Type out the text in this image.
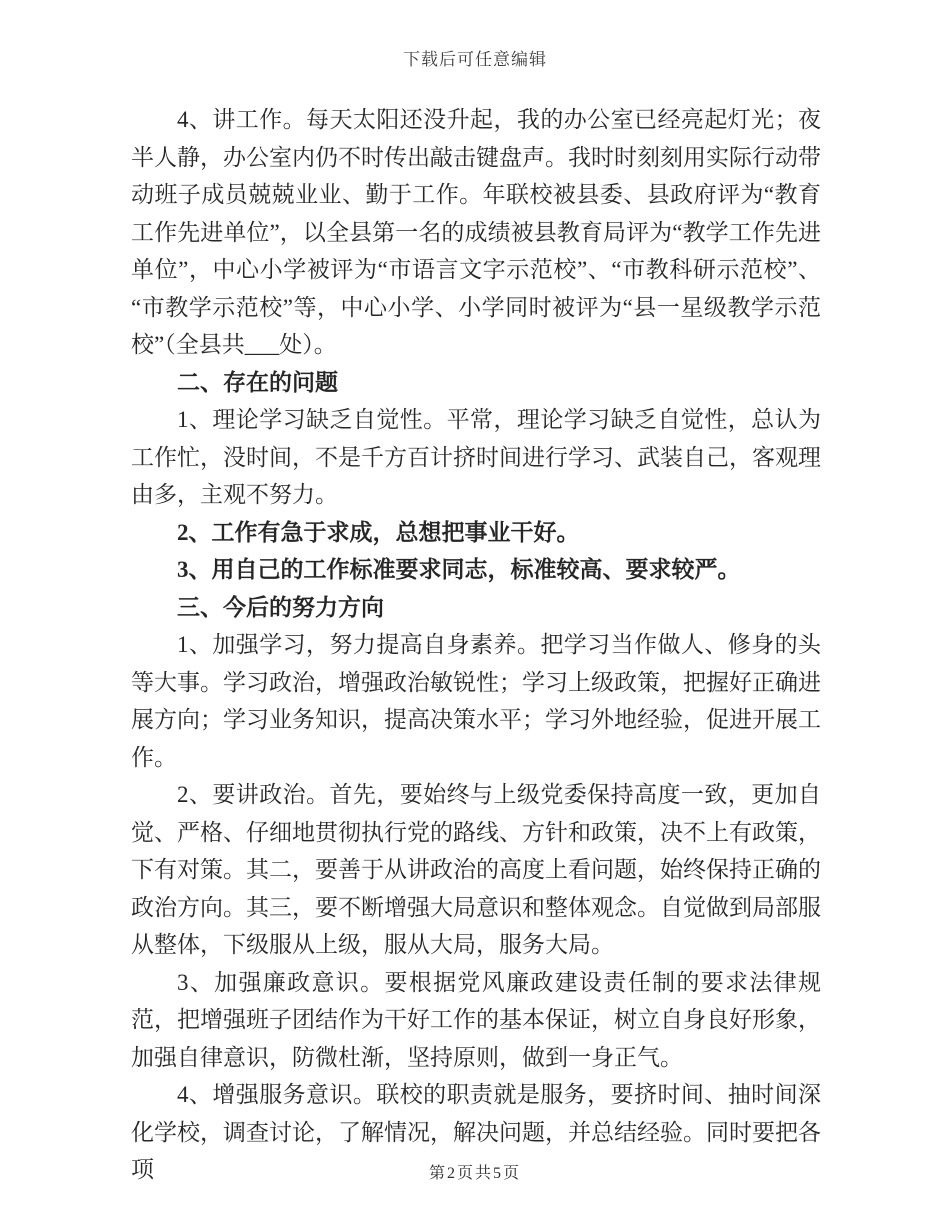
下载后可任意编辑

4、讲工作。每天太阳还没升起，我的办公室已经亮起灯光；夜半人静，办公室内仍不时传出敲击键盘声。我时时刻刻用实际行动带动班子成员兢兢业业、勤于工作。年联校被县委、县政府评为“教育工作先进单位”，以全县第一名的成绩被县教育局评为“教学工作先进单位”，中心小学被评为“市语言文字示范校”、“市教科研示范校”、“市教学示范校”等，中心小学、小学同时被评为“县一星级教学示范校”（全县共___处）。

二、存在的问题

1、理论学习缺乏自觉性。平常，理论学习缺乏自觉性，总认为工作忙，没时间，不是千方百计挤时间进行学习、武装自己，客观理由多，主观不努力。

2、工作有急于求成，总想把事业干好。

3、用自己的工作标准要求同志，标准较高、要求较严。

三、今后的努力方向

1、加强学习，努力提高自身素养。把学习当作做人、修身的头等大事。学习政治，增强政治敏锐性；学习上级政策，把握好正确进展方向；学习业务知识，提高决策水平；学习外地经验，促进开展工作。

2、要讲政治。首先，要始终与上级党委保持高度一致，更加自觉、严格、仔细地贯彻执行党的路线、方针和政策，决不上有政策，下有对策。其二，要善于从讲政治的高度上看问题，始终保持正确的政治方向。其三，要不断增强大局意识和整体观念。自觉做到局部服从整体，下级服从上级，服从大局，服务大局。

3、加强廉政意识。要根据党风廉政建设责任制的要求法律规范，把增强班子团结作为干好工作的基本保证，树立自身良好形象，加强自律意识，防微杜渐，坚持原则，做到一身正气。

4、增强服务意识。联校的职责就是服务，要挤时间、抽时间深化学校，调查讨论，了解情况，解决问题，并总结经验。同时要把各项	第2页共5页
